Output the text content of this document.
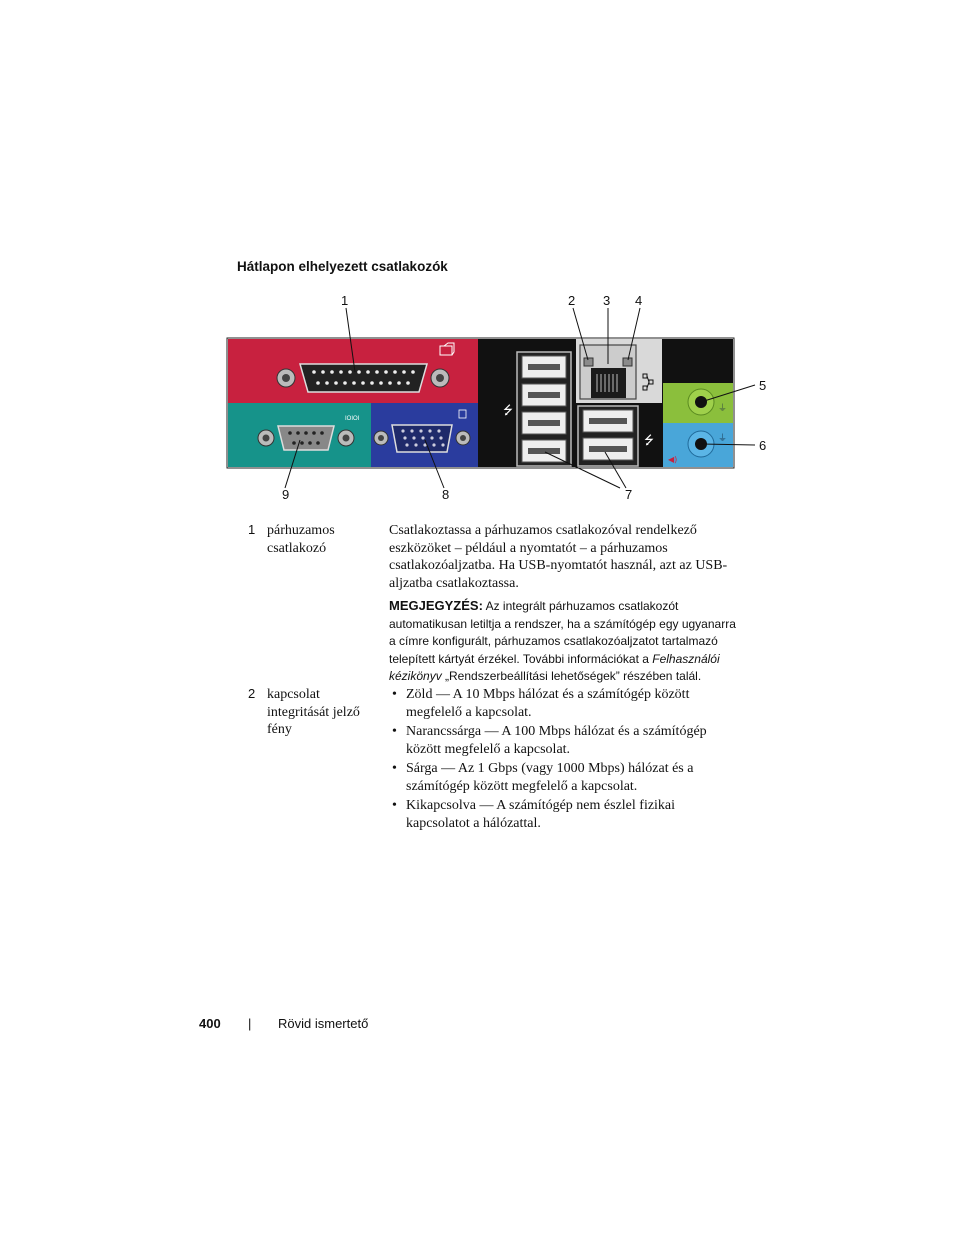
Hátlapon elhelyezett csatlakozók
1	2 3 4
5
6
7
8
9
IOIOI
⭍
⭍
⏚
⏚
◀)
1 párhuzamos csatlakozó
Csatlakoztassa a párhuzamos csatlakozóval rendelkező eszközöket – például a nyomtatót – a párhuzamos csatlakozóaljzatba. Ha USB-nyomtatót használ, azt az USB-aljzatba csatlakoztassa.
MEGJEGYZÉS: Az integrált párhuzamos csatlakozót automatikusan letiltja a rendszer, ha a számítógép egy ugyanarra a címre konfigurált, párhuzamos csatlakozóaljzatot tartalmazó telepített kártyát érzékel. További információkat a Felhasználói kézikönyv „Rendszerbeállítási lehetőségek” részében talál.
2 kapcsolat integritását jelző fény
• Zöld — A 10 Mbps hálózat és a számítógép között megfelelő a kapcsolat.
• Narancssárga — A 100 Mbps hálózat és a számítógép között megfelelő a kapcsolat.
• Sárga — Az 1 Gbps (vagy 1000 Mbps) hálózat és a számítógép között megfelelő a kapcsolat.
• Kikapcsolva — A számítógép nem észlel fizikai kapcsolatot a hálózattal.
400 | Rövid ismertető
